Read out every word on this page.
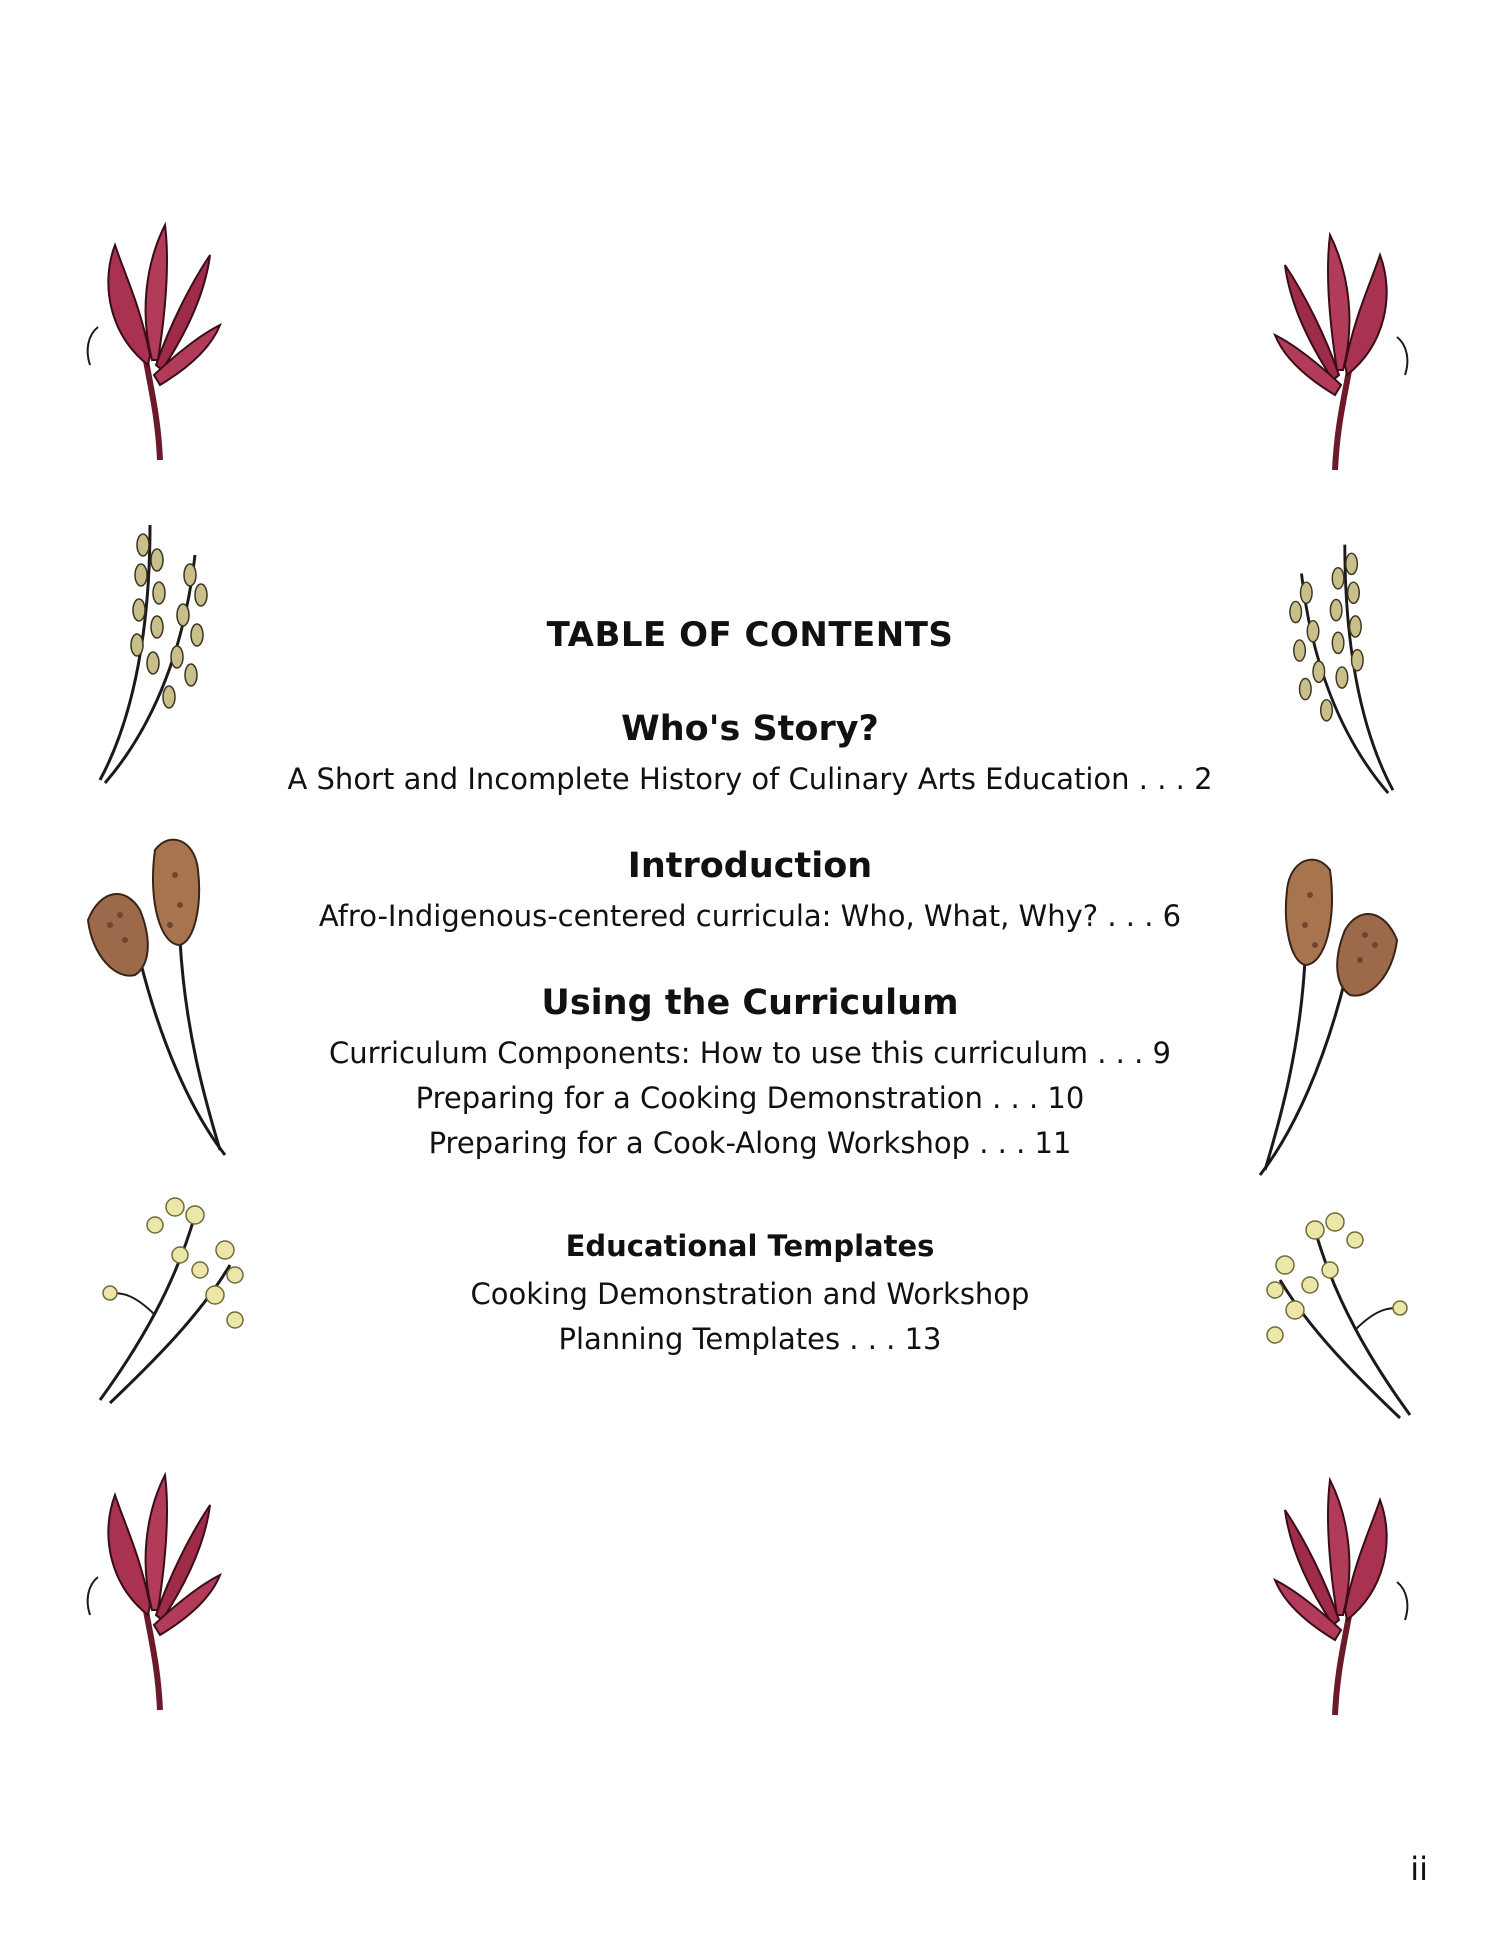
TABLE OF CONTENTS
Who's Story?

A Short and Incomplete History of Culinary Arts Education . . . 2

Introduction

Afro-Indigenous-centered curricula: Who, What, Why? . . . 6

Using the Curriculum

Curriculum Components: How to use this curriculum . . . 9

Preparing for a Cooking Demonstration . . . 10

Preparing for a Cook-Along Workshop . . . 11

Educational Templates

Cooking Demonstration and Workshop

Planning Templates . . . 13

ii
